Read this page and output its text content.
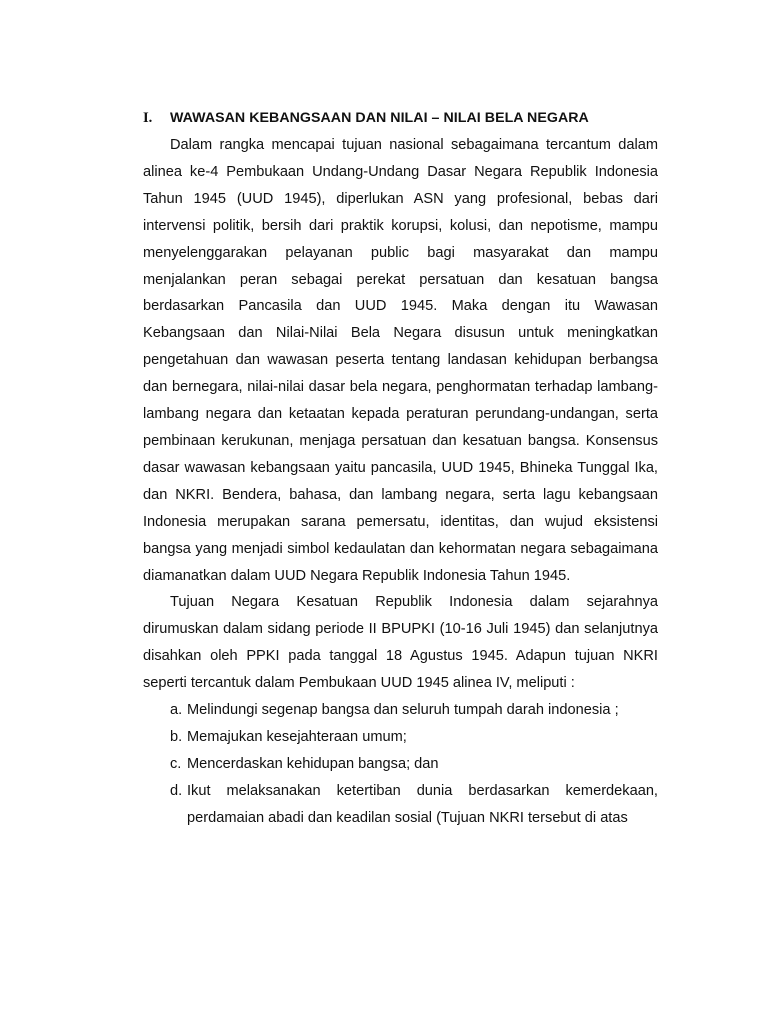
I.	WAWASAN KEBANGSAAN DAN NILAI – NILAI BELA NEGARA

Dalam rangka mencapai tujuan nasional sebagaimana tercantum dalam alinea ke-4 Pembukaan Undang-Undang Dasar Negara Republik Indonesia Tahun 1945 (UUD 1945), diperlukan ASN yang profesional, bebas dari intervensi politik, bersih dari praktik korupsi, kolusi, dan nepotisme, mampu menyelenggarakan pelayanan public bagi masyarakat dan mampu menjalankan peran sebagai perekat persatuan dan kesatuan bangsa berdasarkan Pancasila dan UUD 1945. Maka dengan itu Wawasan Kebangsaan dan Nilai-Nilai Bela Negara disusun untuk meningkatkan pengetahuan dan wawasan peserta tentang landasan kehidupan berbangsa dan bernegara, nilai-nilai dasar bela negara, penghormatan terhadap lambang-lambang negara dan ketaatan kepada peraturan perundang-undangan, serta pembinaan kerukunan, menjaga persatuan dan kesatuan bangsa. Konsensus dasar wawasan kebangsaan yaitu pancasila, UUD 1945, Bhineka Tunggal Ika, dan NKRI. Bendera, bahasa, dan lambang negara, serta lagu kebangsaan Indonesia merupakan sarana pemersatu, identitas, dan wujud eksistensi bangsa yang menjadi simbol kedaulatan dan kehormatan negara sebagaimana diamanatkan dalam UUD Negara Republik Indonesia Tahun 1945.

Tujuan Negara Kesatuan Republik Indonesia dalam sejarahnya dirumuskan dalam sidang periode II BPUPKI (10-16 Juli 1945) dan selanjutnya disahkan oleh PPKI pada tanggal 18 Agustus 1945. Adapun tujuan NKRI seperti tercantuk dalam Pembukaan UUD 1945 alinea IV, meliputi :

a. Melindungi segenap bangsa dan seluruh tumpah darah indonesia ;
b. Memajukan kesejahteraan umum;
c. Mencerdaskan kehidupan bangsa; dan
d. Ikut melaksanakan ketertiban dunia berdasarkan kemerdekaan, perdamaian abadi dan keadilan sosial (Tujuan NKRI tersebut di atas
